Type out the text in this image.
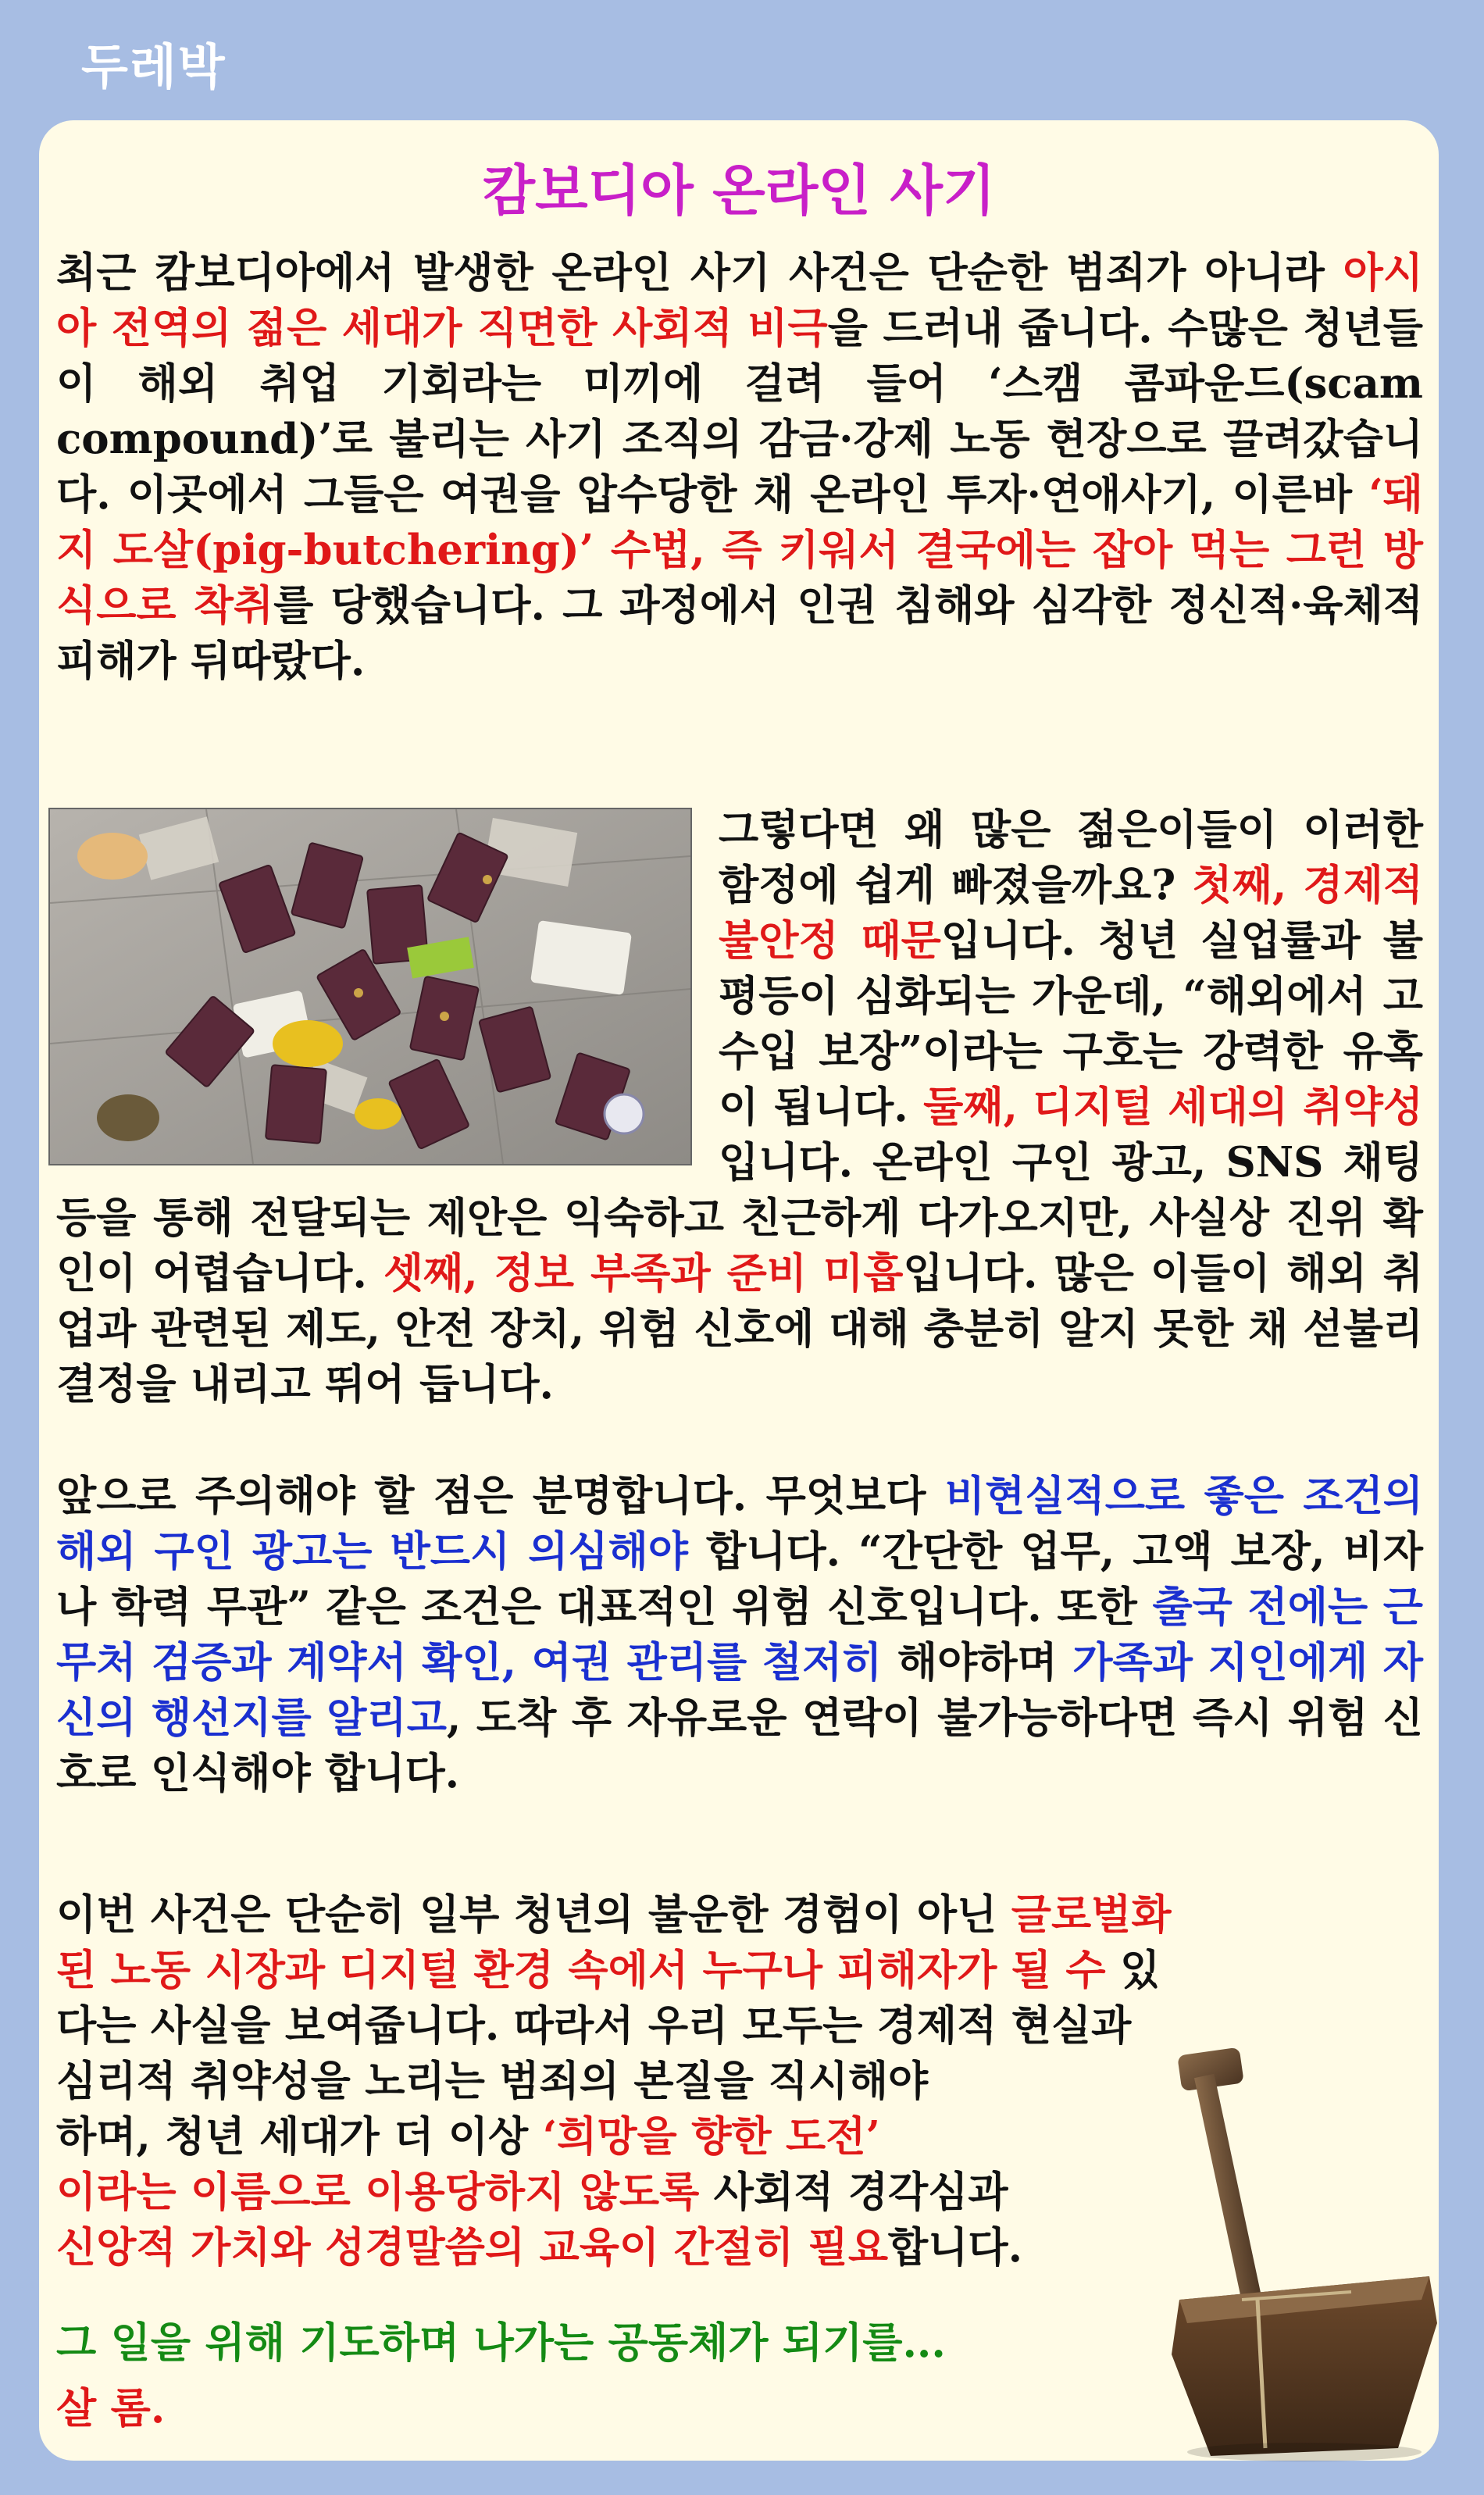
두레박
캄보디아 온라인 사기

최근 캄보디아에서 발생한 온라인 사기 사건은 단순한 범죄가 아니라 아시아 전역의 젊은 세대가 직면한 사회적 비극을 드러내 줍니다. 수많은 청년들이 해외 취업 기회라는 미끼에 걸려 들어 ‘스캠 콤파운드(scam compound)’로 불리는 사기 조직의 감금·강제 노동 현장으로 끌려갔습니다. 이곳에서 그들은 여권을 압수당한 채 온라인 투자·연애사기, 이른바 ‘돼지 도살(pig-butchering)’ 수법, 즉 키워서 결국에는 잡아 먹는 그런 방식으로 착취를 당했습니다. 그 과정에서 인권 침해와 심각한 정신적·육체적 피해가 뒤따랐다.

그렇다면 왜 많은 젊은이들이 이러한 함정에 쉽게 빠졌을까요? 첫째, 경제적 불안정 때문입니다. 청년 실업률과 불평등이 심화되는 가운데, “해외에서 고수입 보장”이라는 구호는 강력한 유혹이 됩니다. 둘째, 디지털 세대의 취약성입니다. 온라인 구인 광고, SNS 채팅 등을 통해 전달되는 제안은 익숙하고 친근하게 다가오지만, 사실상 진위 확인이 어렵습니다. 셋째, 정보 부족과 준비 미흡입니다. 많은 이들이 해외 취업과 관련된 제도, 안전 장치, 위험 신호에 대해 충분히 알지 못한 채 섣불리 결정을 내리고 뛰어 듭니다.

앞으로 주의해야 할 점은 분명합니다. 무엇보다 비현실적으로 좋은 조건의 해외 구인 광고는 반드시 의심해야 합니다. “간단한 업무, 고액 보장, 비자나 학력 무관” 같은 조건은 대표적인 위험 신호입니다. 또한 출국 전에는 근무처 검증과 계약서 확인, 여권 관리를 철저히 해야하며 가족과 지인에게 자신의 행선지를 알리고, 도착 후 자유로운 연락이 불가능하다면 즉시 위험 신호로 인식해야 합니다.

이번 사건은 단순히 일부 청년의 불운한 경험이 아닌 글로벌화
된 노동 시장과 디지털 환경 속에서 누구나 피해자가 될 수 있
다는 사실을 보여줍니다. 따라서 우리 모두는 경제적 현실과
심리적 취약성을 노리는 범죄의 본질을 직시해야
하며, 청년 세대가 더 이상 ‘희망을 향한 도전’
이라는 이름으로 이용당하지 않도록 사회적 경각심과
신앙적 가치와 성경말씀의 교육이 간절히 필요합니다.

그 일을 위해 기도하며 나가는 공동체가 되기를...

살 롬.
